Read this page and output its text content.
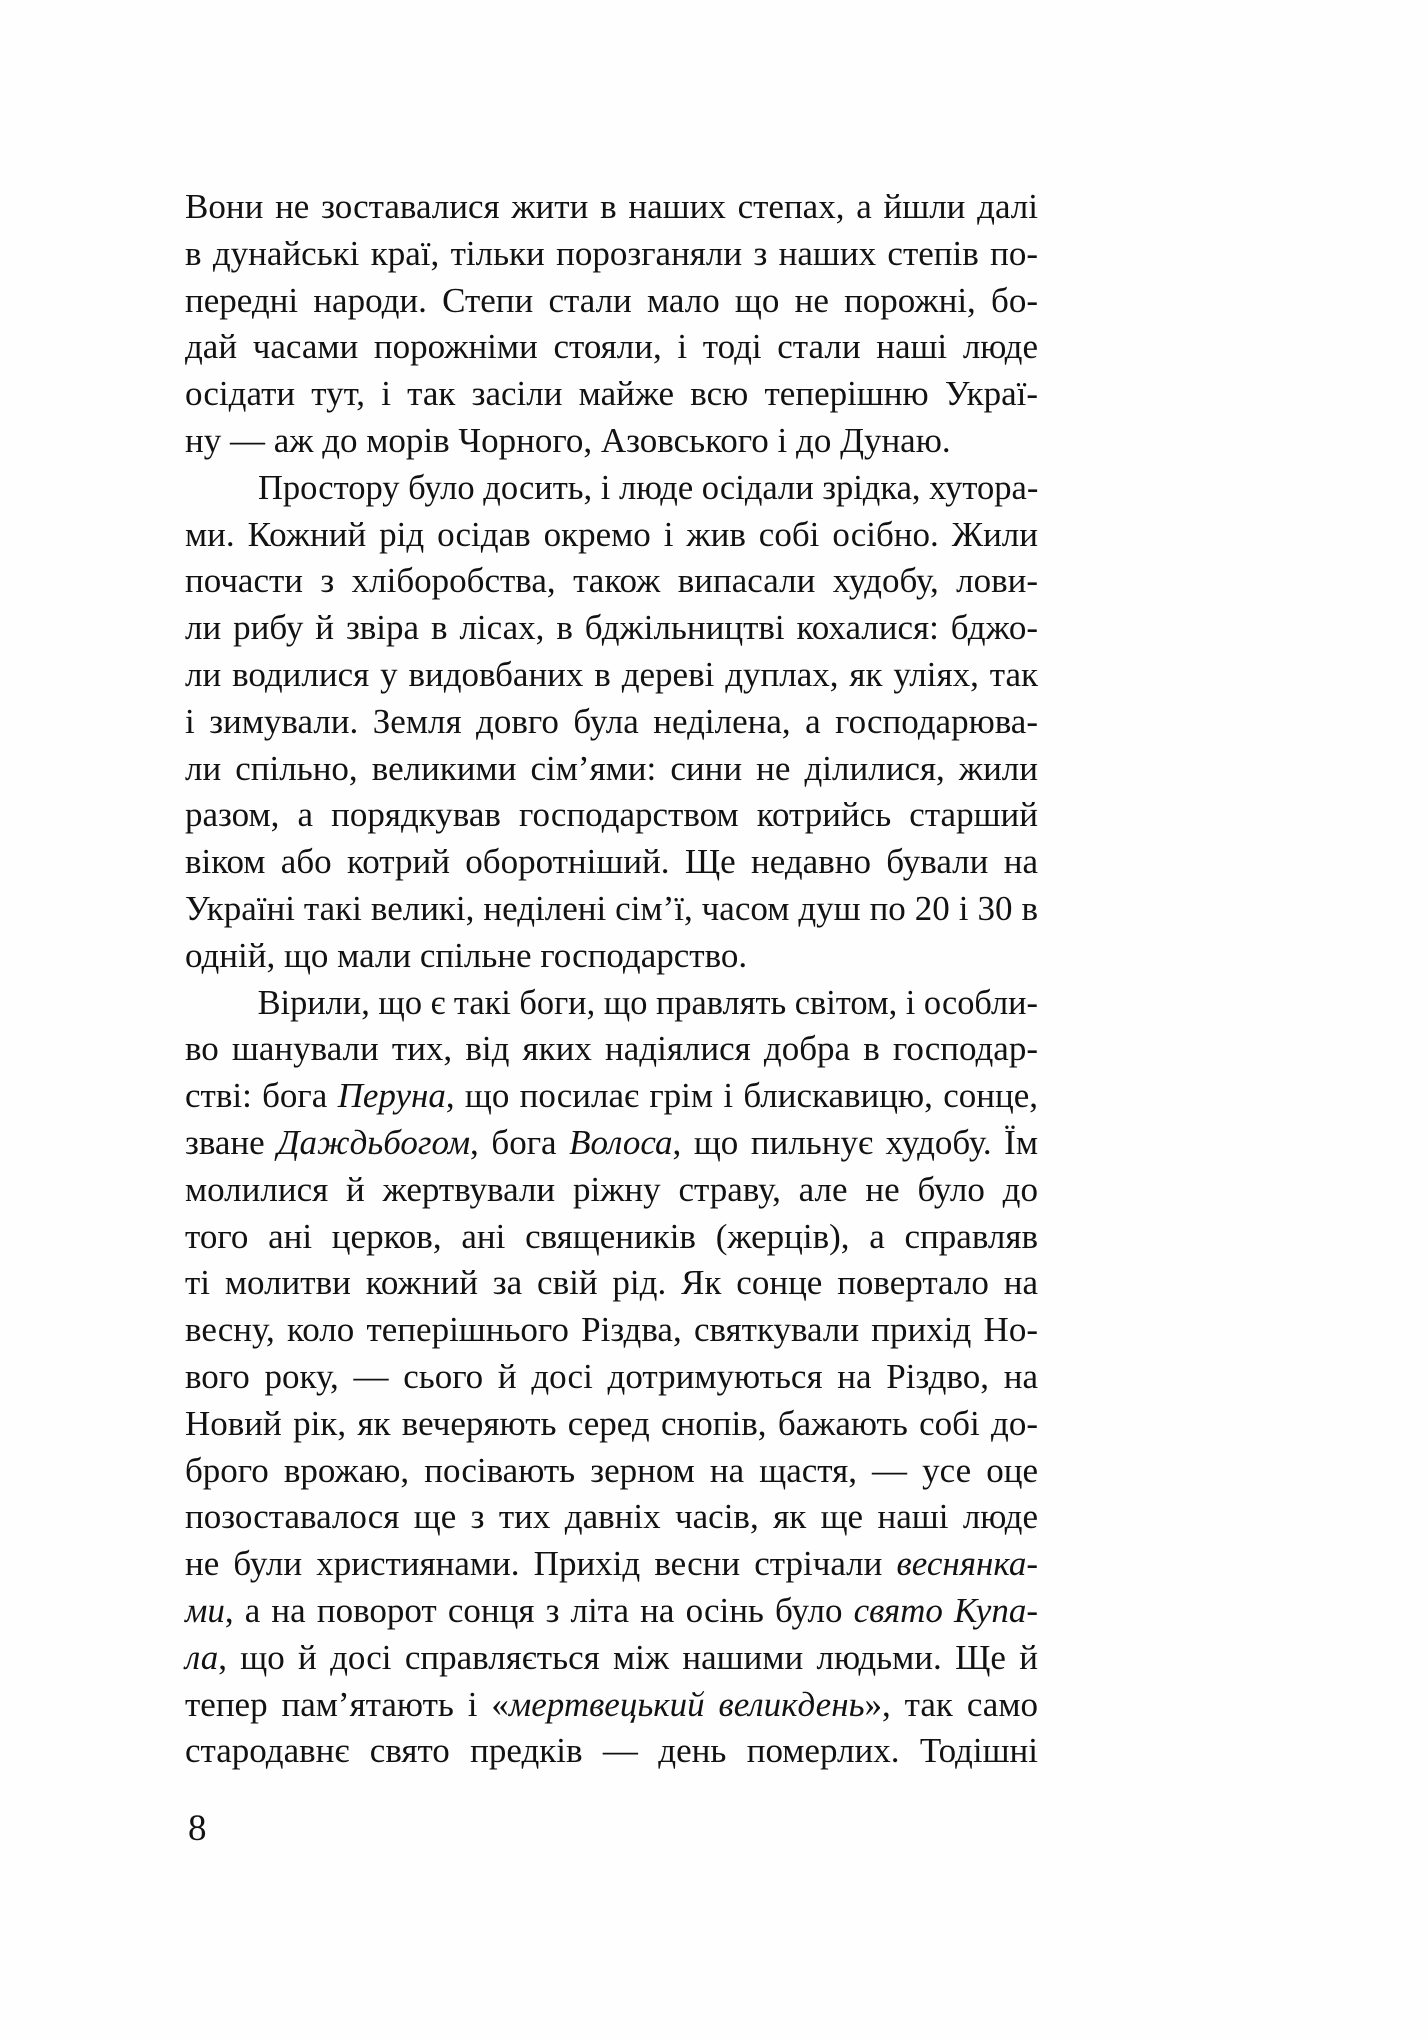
Вони не зоставалися жити в наших степах, а йшли далі
в дунайські краї, тільки порозганяли з наших степів по-
передні народи. Степи стали мало що не порожні, бо-
дай часами порожніми стояли, і тоді стали наші люде
осідати тут, і так засіли майже всю теперішню Украї-
ну — аж до морів Чорного, Азовського і до Дунаю.
Простору було досить, і люде осідали зрідка, хутора-
ми. Кожний рід осідав окремо і жив собі осібно. Жили
почасти з хліборобства, також випасали худобу, лови-
ли рибу й звіра в лісах, в бджільництві кохалися: бджо-
ли водилися у видовбаних в дереві дуплах, як уліях, так
і зимували. Земля довго була неділена, а господарюва-
ли спільно, великими сім’ями: сини не ділилися, жили
разом, а порядкував господарством котрийсь старший
віком або котрий оборотніший. Ще недавно бували на
Україні такі великі, неділені сім’ї, часом душ по 20 і 30 в
одній, що мали спільне господарство.
Вірили, що є такі боги, що правлять світом, і особли-
во шанували тих, від яких надіялися добра в господар-
стві: бога Перуна, що посилає грім і блискавицю, сонце,
зване Даждьбогом, бога Волоса, що пильнує худобу. Їм
молилися й жертвували ріжну страву, але не було до
того ані церков, ані священиків (жерців), а справляв
ті молитви кожний за свій рід. Як сонце повертало на
весну, коло теперішнього Різдва, святкували прихід Но-
вого року, — сього й досі дотримуються на Різдво, на
Новий рік, як вечеряють серед снопів, бажають собі до-
брого врожаю, посівають зерном на щастя, — усе оце
позоставалося ще з тих давніх часів, як ще наші люде
не були християнами. Прихід весни стрічали веснянка-
ми, а на поворот сонця з літа на осінь було свято Купа-
ла, що й досі справляється між нашими людьми. Ще й
тепер пам’ятають і «мертвецький великдень», так само
стародавнє свято предків — день померлих. Тодішні
8
